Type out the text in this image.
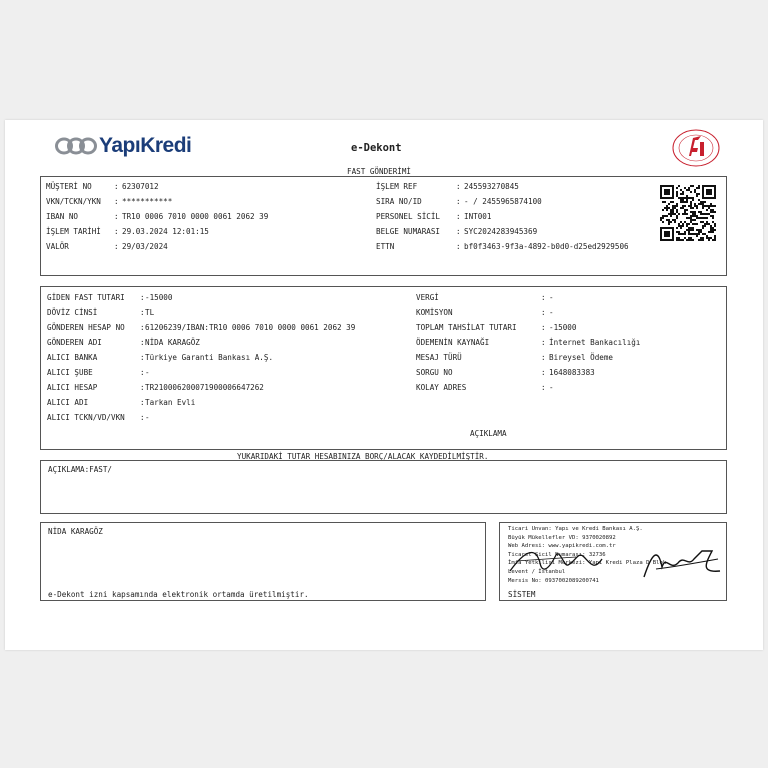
YapıKredi	e-Dekont
FAST GÖNDERİMİ
MÜŞTERİ NO	: 62307012
VKN/TCKN/YKN : ***********
IBAN NO	: TR10 0006 7010 0000 0061 2062 39
İŞLEM TARİHİ : 29.03.2024 12:01:15
VALÖR	: 29/03/2024
İŞLEM REF	: 245593270845
SIRA NO/ID	: - / 2455965874100
PERSONEL SİCİL : INT001
BELGE NUMARASI : SYC2024283945369
ETTN	: bf0f3463-9f3a-4892-b0d0-d25ed2929506
GİDEN FAST TUTARI : -15000
DÖVİZ CİNSİ	: TL
GÖNDEREN HESAP NO : 61206239/IBAN:TR10 0006 7010 0000 0061 2062 39
GÖNDEREN ADI	: NİDA KARAGÖZ
ALICI BANKA	: Türkiye Garanti Bankası A.Ş.
ALICI ŞUBE	: -
ALICI HESAP	: TR210006200071900006647262
ALICI ADI	: Tarkan Evli
ALICI TCKN/VD/VKN : -
VERGİ	: -
KOMİSYON	: -
TOPLAM TAHSİLAT TUTARI	: -15000
ÖDEMENİN KAYNAĞI	: İnternet Bankacılığı
MESAJ TÜRÜ	: Bireysel Ödeme
SORGU NO	: 1648083383
KOLAY ADRES	: -
AÇIKLAMA
YUKARIDAKİ TUTAR HESABINIZA BORÇ/ALACAK KAYDEDİLMİŞTİR.
AÇIKLAMA:FAST/
NİDA KARAGÖZ
e-Dekont izni kapsamında elektronik ortamda üretilmiştir.
Ticari Unvan: Yapı ve Kredi Bankası A.Ş.
Büyük Mükellefler VD: 9370020892
Web Adresi: www.yapikredi.com.tr
Ticaret Sicil Numarası: 32736
İmza Yetkilisi Merkezi: Yapı Kredi Plaza D Blok
Levent / İstanbul
Mersis No: 0937002089200741
SİSTEM
